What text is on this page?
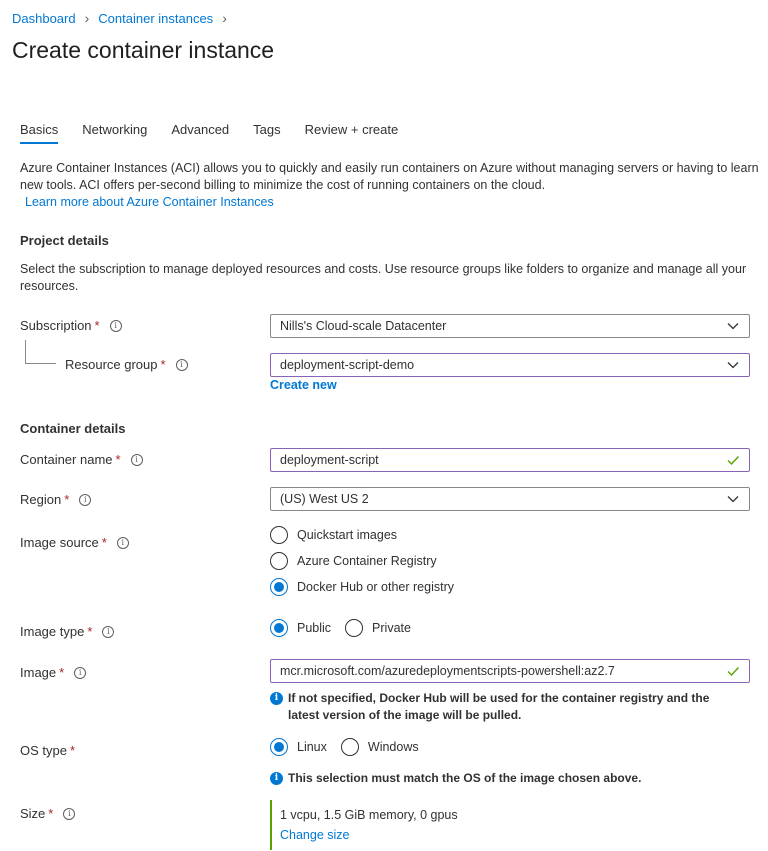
Dashboard › Container instances ›
Create container instance
Basics Networking Advanced Tags Review + create
Azure Container Instances (ACI) allows you to quickly and easily run containers on Azure without managing servers or having to learn new tools. ACI offers per-second billing to minimize the cost of running containers on the cloud.
Learn more about Azure Container Instances
Project details
Select the subscription to manage deployed resources and costs. Use resource groups like folders to organize and manage all your resources.
Subscription *	i	Nills's Cloud-scale Datacenter
Resource group *	i	deployment-script-demo
Create new
Container details
Container name *	i	deployment-script
Region *	i	(US) West US 2
Image source *	i	Quickstart images
Azure Container Registry
Docker Hub or other registry
Image type *	i	Public	Private
Image *	i	mcr.microsoft.com/azuredeploymentscripts-powershell:az2.7
i If not specified, Docker Hub will be used for the container registry and the latest version of the image will be pulled.
OS type *	Linux	Windows
i This selection must match the OS of the image chosen above.
Size *	i	1 vcpu, 1.5 GiB memory, 0 gpus
Change size
